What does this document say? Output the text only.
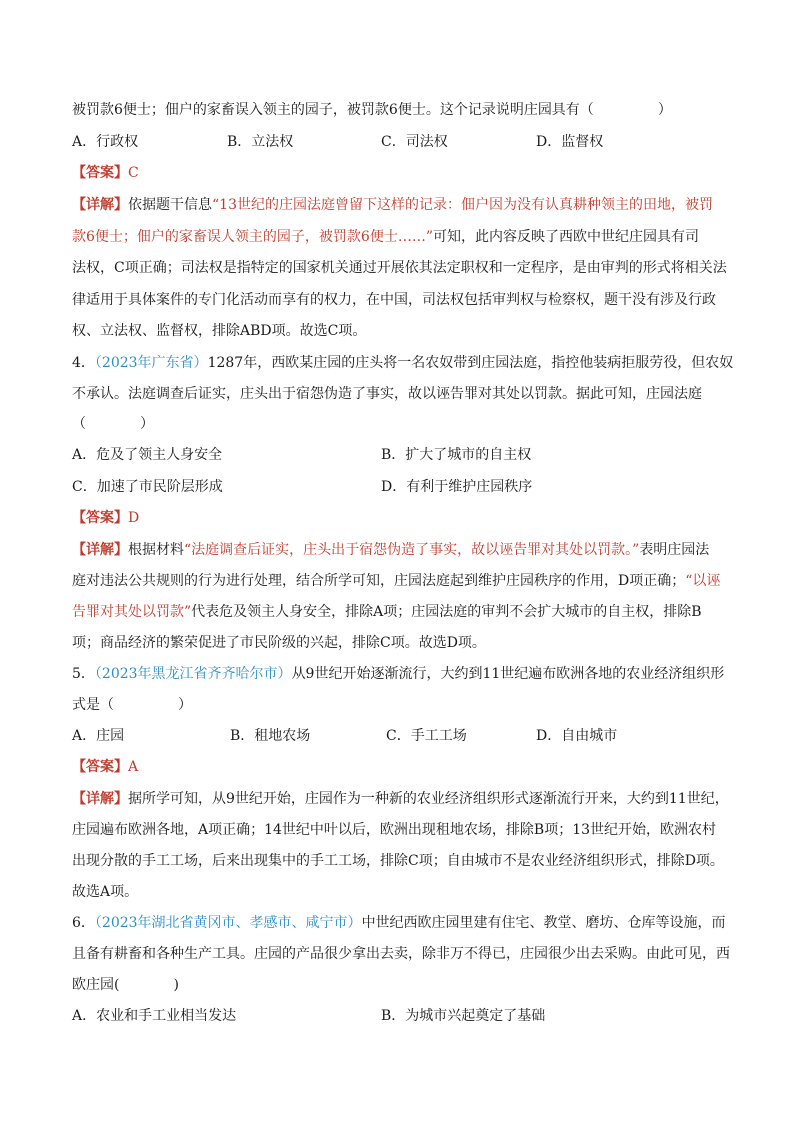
被罚款6便士；佃户的家畜误入领主的园子，被罚款6便士。这个记录说明庄园具有（	）
A．行政权	B．立法权	C．司法权	D．监督权
【答案】C
【详解】依据题干信息“13世纪的庄园法庭曾留下这样的记录：佃户因为没有认真耕种领主的田地，被罚
款6便士；佃户的家畜误人领主的园子，被罚款6便士……”可知，此内容反映了西欧中世纪庄园具有司
法权，C项正确；司法权是指特定的国家机关通过开展依其法定职权和一定程序，是由审判的形式将相关法
律适用于具体案件的专门化活动而享有的权力，在中国，司法权包括审判权与检察权，题干没有涉及行政
权、立法权、监督权，排除ABD项。故选C项。
4．（2023年广东省）1287年，西欧某庄园的庄头将一名农奴带到庄园法庭，指控他装病拒服劳役，但农奴
不承认。法庭调查后证实，庄头出于宿怨伪造了事实，故以诬告罪对其处以罚款。据此可知，庄园法庭
（	）
A．危及了领主人身安全	B．扩大了城市的自主权
C．加速了市民阶层形成	D．有利于维护庄园秩序
【答案】D
【详解】根据材料“法庭调查后证实，庄头出于宿怨伪造了事实，故以诬告罪对其处以罚款。”表明庄园法
庭对违法公共规则的行为进行处理，结合所学可知，庄园法庭起到维护庄园秩序的作用，D项正确；“以诬
告罪对其处以罚款”代表危及领主人身安全，排除A项；庄园法庭的审判不会扩大城市的自主权，排除B
项；商品经济的繁荣促进了市民阶级的兴起，排除C项。故选D项。
5．（2023年黑龙江省齐齐哈尔市）从9世纪开始逐渐流行，大约到11世纪遍布欧洲各地的农业经济组织形
式是（	）
A．庄园	B．租地农场	C．手工工场	D．自由城市
【答案】A
【详解】据所学可知，从9世纪开始，庄园作为一种新的农业经济组织形式逐渐流行开来，大约到11世纪，
庄园遍布欧洲各地，A项正确；14世纪中叶以后，欧洲出现租地农场，排除B项；13世纪开始，欧洲农村
出现分散的手工工场，后来出现集中的手工工场，排除C项；自由城市不是农业经济组织形式，排除D项。
故选A项。
6．（2023年湖北省黄冈市、孝感市、咸宁市）中世纪西欧庄园里建有住宅、教堂、磨坊、仓库等设施，而
且备有耕畜和各种生产工具。庄园的产品很少拿出去卖，除非万不得已，庄园很少出去采购。由此可见，西
欧庄园(	)
A．农业和手工业相当发达	B．为城市兴起奠定了基础
